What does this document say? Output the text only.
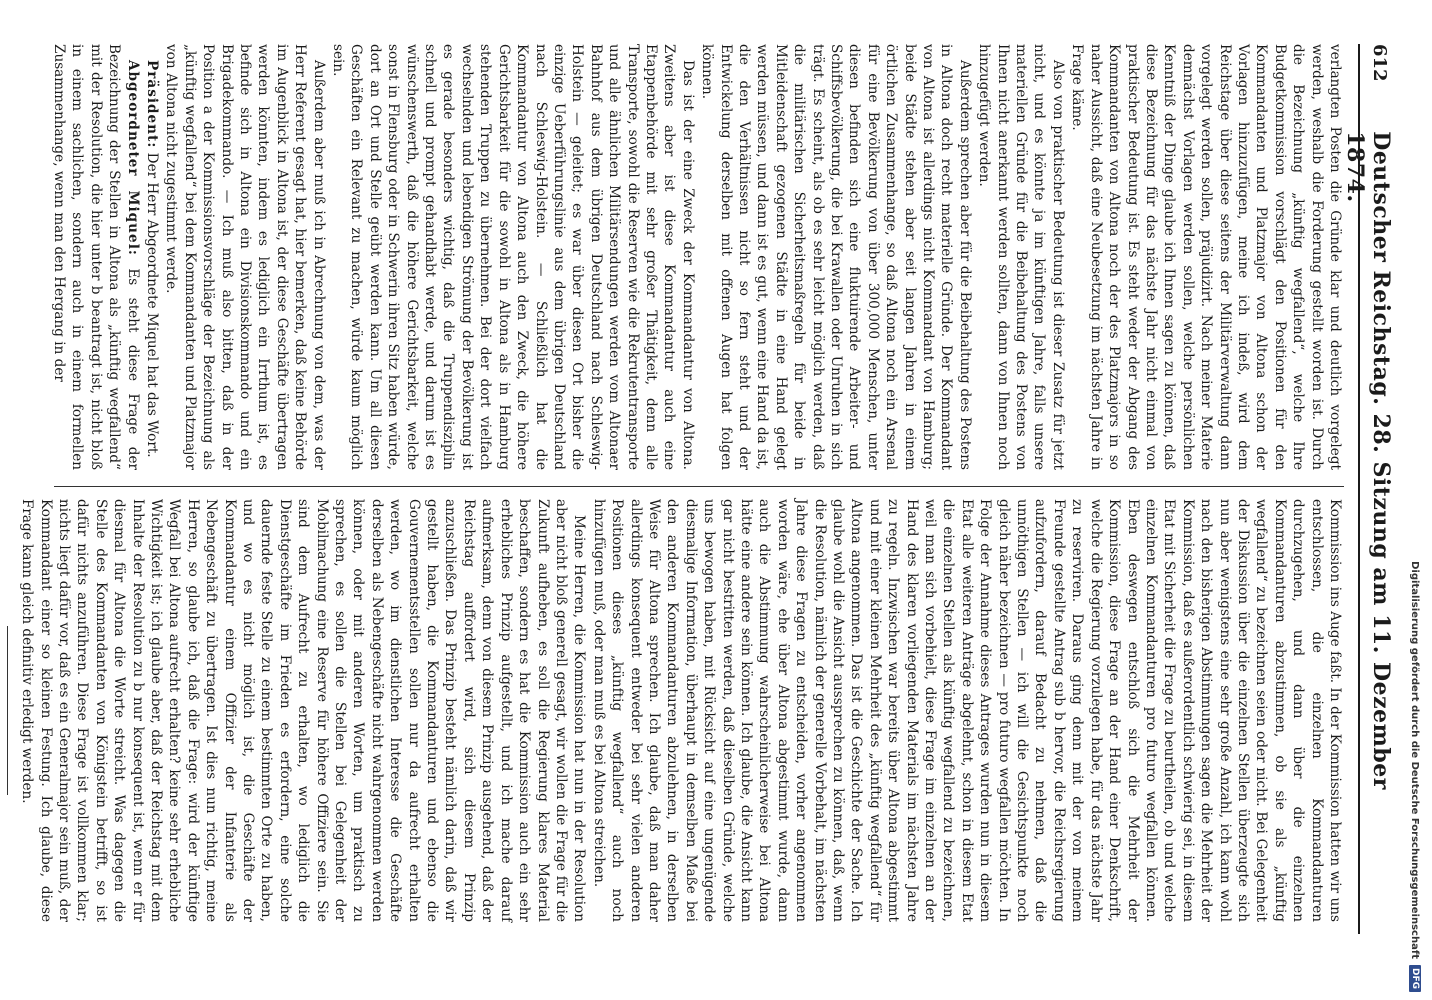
612
Deutscher Reichstag. 28. Sitzung am 11. Dezember 1874.

verlangten Posten die Gründe klar und deutlich vorgelegt werden, weshalb die Forderung gestellt worden ist. Durch die Bezeichnung „künftig wegfallend“, welche Ihre Budgetkommission vorschlägt den Positionen für den Kommandanten und Platzmajor von Altona schon der Vorlagen hinzuzufügen, meine ich indeß, wird dem Reichstage über diese seitens der Militärverwaltung dann vorgelegt werden sollen, präjudizirt. Nach meiner Materie demnächst Vorlagen werden sollen, welche persönlichen Kenntniß der Dinge glaube ich Ihnen sagen zu können, daß diese Bezeichnung für das nächste Jahr nicht einmal von praktischer Bedeutung ist. Es steht weder der Abgang des Kommandanten von Altona noch der des Platzmajors in so naher Aussicht, daß eine Neubesetzung im nächsten Jahre in Frage käme.

Also von praktischer Bedeutung ist dieser Zusatz für jetzt nicht, und es könnte ja im künftigen Jahre, falls unsere materiellen Gründe für die Beibehaltung des Postens von Ihnen nicht anerkannt werden sollten, dann von Ihnen noch hinzugefügt werden.

Außerdem sprechen aber für die Beibehaltung des Postens in Altona doch recht materielle Gründe. Der Kommandant von Altona ist allerdings nicht Kommandant von Hamburg; beide Städte stehen aber seit langen Jahren in einem örtlichen Zusammenhange, so daß Altona noch ein Arsenal für eine Bevölkerung von über 300,000 Menschen, unter diesen befinden sich eine fluktuirende Arbeiter- und Schiffsbevölkerung, die bei Krawallen oder Unruhen in sich trägt. Es scheint, als ob es sehr leicht möglich werden, daß die militärischen Sicherheitsmaßregeln für beide in Mitleidenschaft gezogenen Städte in eine Hand gelegt werden müssen, und dann ist es gut, wenn eine Hand da ist, die den Verhältnissen nicht so fern steht und der Entwickelung derselben mit offenen Augen hat folgen können.

Das ist der eine Zweck der Kommandantur von Altona. Zweitens aber ist diese Kommandantur auch eine Etappenbehörde mit sehr großer Thätigkeit, denn alle Transporte, sowohl die Reserven wie die Rekrutentransporte und alle ähnlichen Militärsendungen werden vom Altonaer Bahnhof aus dem übrigen Deutschland nach Schleswig-Holstein — geleitet; es war über diesen Ort bisher die einzige Ueberführungslinie aus dem übrigen Deutschland nach Schleswig-Holstein. — Schließlich hat die Kommandantur von Altona auch den Zweck, die höhere Gerichtsbarkeit für die sowohl in Altona als in Hamburg stehenden Truppen zu übernehmen. Bei der dort vielfach wechselnden und lebendigen Strömung der Bevölkerung ist es gerade besonders wichtig, daß die Truppendisziplin schnell und prompt gehandhabt werde, und darum ist es wünschenswerth, daß die höhere Gerichtsbarkeit, welche sonst in Flensburg oder in Schwerin ihren Sitz haben würde, dort an Ort und Stelle geübt werden kann. Um all diesen Geschäften ein Relevant zu machen, würde kaum möglich sein.

Außerdem aber muß ich in Abrechnung von dem, was der Herr Referent gesagt hat, hier bemerken, daß keine Behörde im Augenblick in Altona ist, der diese Geschäfte übertragen werden könnten, indem es lediglich ein Irrthum ist, es befinde sich in Altona ein Divisionskommando und ein Brigadekommando. — Ich muß also bitten, daß in der Position a der Kommissionsvorschläge der Bezeichnung als „künftig wegfallend“ bei dem Kommandanten und Platzmajor von Altona nicht zugestimmt werde.

Präsident: Der Herr Abgeordnete Miquel hat das Wort.

Abgeordneter Miquel: Es steht diese Frage der Bezeichnung der Stellen in Altona als „künftig wegfallend“ mit der Resolution, die hier unter b beantragt ist, nicht bloß in einem sachlichen, sondern auch in einem formellen Zusammenhange, wenn man den Hergang in der

Kommission ins Auge faßt. In der Kommission hatten wir uns entschlossen, die einzelnen Kommandanturen durchzugehen, und dann über die einzelnen Kommandanturen abzustimmen, ob sie als „künftig wegfallend“ zu bezeichnen seien oder nicht. Bei Gelegenheit der Diskussion über die einzelnen Stellen überzeugte sich nun aber wenigstens eine sehr große Anzahl, ich kann wohl nach den bisherigen Abstimmungen sagen die Mehrheit der Kommission, daß es außerordentlich schwierig sei, in diesem Etat mit Sicherheit die Frage zu beurtheilen, ob und welche einzelnen Kommandanturen pro futuro wegfallen können. Eben deswegen entschloß sich die Mehrheit der Kommission, diese Frage an der Hand einer Denkschrift, welche die Regierung vorzulegen habe, für das nächste Jahr zu reserviren. Daraus ging denn mit der von meinem Freunde gestellte Antrag sub b hervor, die Reichsregierung aufzufordern, darauf Bedacht zu nehmen, daß die unnöthigen Stellen — ich will die Gesichtspunkte noch gleich näher bezeichnen — pro futuro wegfallen möchten. In Folge der Annahme dieses Antrages wurden nun in diesem Etat alle weiteren Anträge abgelehnt, schon in diesem Etat die einzelnen Stellen als künftig wegfallend zu bezeichnen, weil man sich vorbehielt, diese Frage im einzelnen an der Hand des klaren vorliegenden Materials im nächsten Jahre zu regeln. Inzwischen war bereits über Altona abgestimmt und mit einer kleinen Mehrheit des „künftig wegfallend“ für Altona angenommen. Das ist die Geschichte der Sache. Ich glaube wohl die Ansicht aussprechen zu können, daß, wenn die Resolution, nämlich der generelle Vorbehalt, im nächsten Jahre diese Fragen zu entscheiden, vorher angenommen worden wäre, ehe über Altona abgestimmt wurde, dann auch die Abstimmung wahrscheinlicherweise bei Altona hätte eine andere sein können. Ich glaube, die Ansicht kann gar nicht bestritten werden, daß dieselben Gründe, welche uns bewogen haben, mit Rücksicht auf eine ungenügende diesmalige Information, überhaupt in demselben Maße bei den anderen Kommandanturen abzulehnen, in derselben Weise für Altona sprechen. Ich glaube, daß man daher allerdings konsequent entweder bei sehr vielen anderen Positionen dieses „künftig wegfallend“ auch noch hinzufügen muß, oder man muß es bei Altona streichen.

Meine Herren, die Kommission hat nun in der Resolution aber nicht bloß generell gesagt, wir wollen die Frage für die Zukunft aufheben, es soll die Regierung klares Material beschaffen, sondern es hat die Kommission auch ein sehr erhebliches Prinzip aufgestellt, und ich mache darauf aufmerksam, denn von diesem Prinzip ausgehend, daß der Reichstag auffordert wird, sich diesem Prinzip anzuschließen. Das Prinzip besteht nämlich darin, daß wir gestellt haben, die Kommandanturen und ebenso die Gouvernementsstellen sollen nur da aufrecht erhalten werden, wo im dienstlichen Interesse die Geschäfte derselben als Nebengeschäfte nicht wahrgenommen werden können, oder mit anderen Worten, um praktisch zu sprechen, es sollen die Stellen bei Gelegenheit der Mobilmachung eine Reserve für höhere Offiziere sein. Sie sind dem Aufrecht zu erhalten, wo lediglich die Dienstgeschäfte im Frieden es erfordern, eine solche dauernde feste Stelle zu einem bestimmten Orte zu haben, und wo es nicht möglich ist, die Geschäfte der Kommandantur einem Offizier der Infanterie als Nebengeschäft zu übertragen. Ist dies nun richtig, meine Herren, so glaube ich, daß die Frage: wird der künftige Wegfall bei Altona aufrecht erhalten? keine sehr erhebliche Wichtigkeit ist; ich glaube aber, daß der Reichstag mit dem Inhalte der Resolution zu b nur konsequent ist, wenn er für diesmal für Altona die Worte streicht. Was dagegen die Stelle des Kommandanten von Königstein betrifft, so ist dafür nichts anzuführen. Diese Frage ist vollkommen klar; nichts liegt dafür vor, daß es ein Generalmajor sein muß, der Kommandant einer so kleinen Festung. Ich glaube, diese Frage kann gleich definitiv erledigt werden.	Digitalisierung gefördert durch die Deutsche Forschungsgemeinschaft
DFG
